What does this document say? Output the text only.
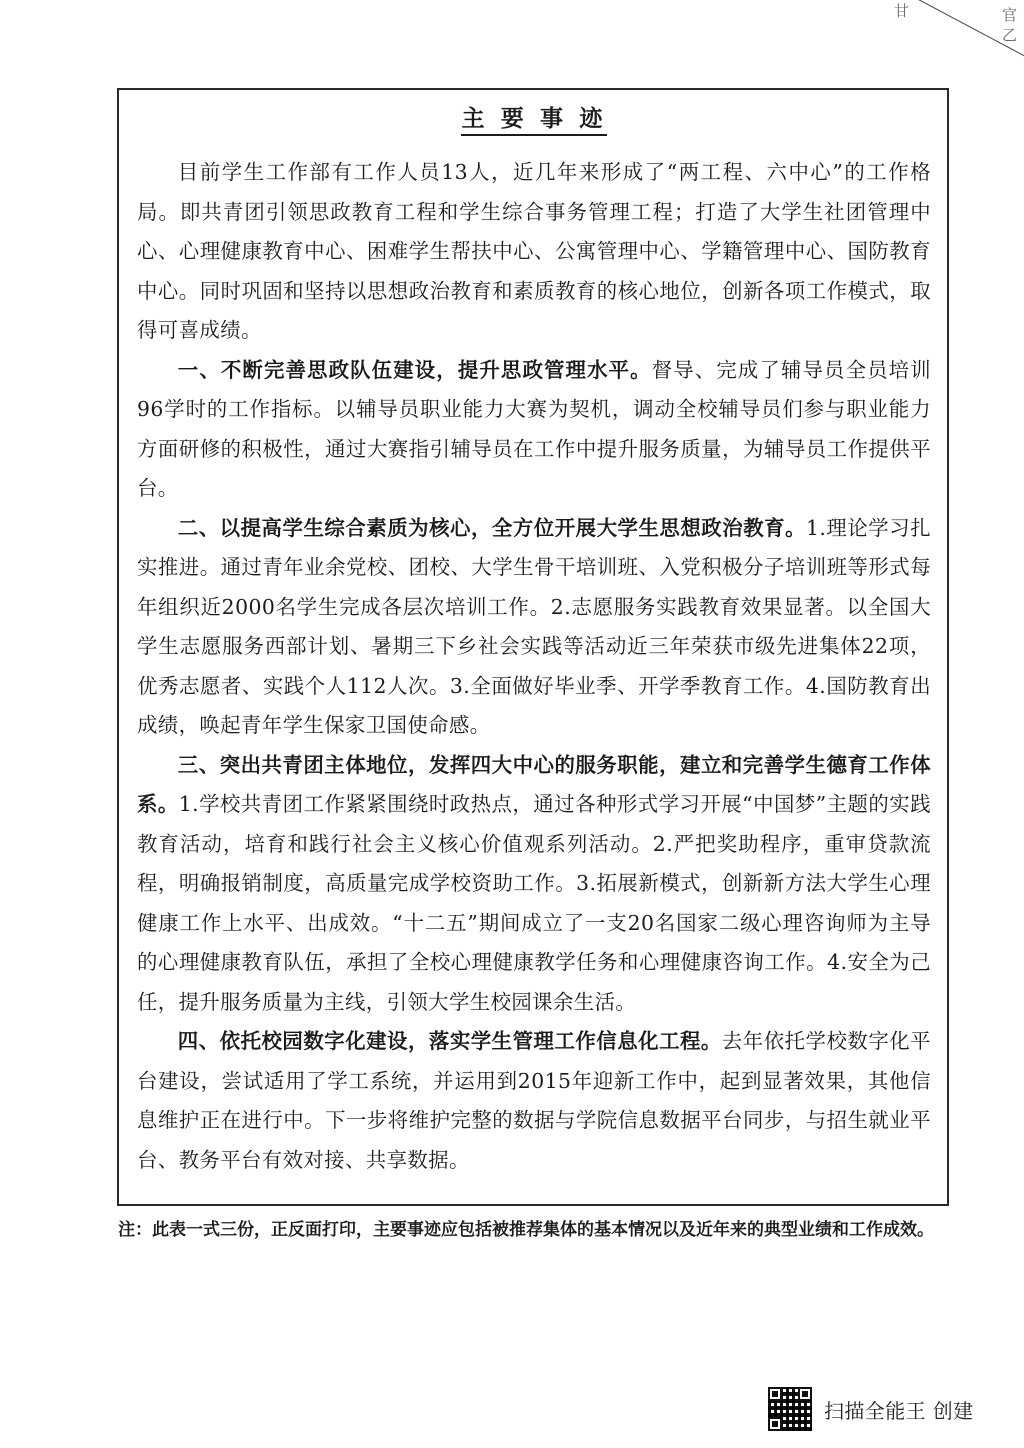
甘	官
乙
主 要 事 迹

目前学生工作部有工作人员13人，近几年来形成了“两工程、六中心”的工作格局。即共青团引领思政教育工程和学生综合事务管理工程；打造了大学生社团管理中心、心理健康教育中心、困难学生帮扶中心、公寓管理中心、学籍管理中心、国防教育中心。同时巩固和坚持以思想政治教育和素质教育的核心地位，创新各项工作模式，取得可喜成绩。

一、不断完善思政队伍建设，提升思政管理水平。督导、完成了辅导员全员培训96学时的工作指标。以辅导员职业能力大赛为契机，调动全校辅导员们参与职业能力方面研修的积极性，通过大赛指引辅导员在工作中提升服务质量，为辅导员工作提供平台。

二、以提高学生综合素质为核心，全方位开展大学生思想政治教育。1.理论学习扎实推进。通过青年业余党校、团校、大学生骨干培训班、入党积极分子培训班等形式每年组织近2000名学生完成各层次培训工作。2.志愿服务实践教育效果显著。以全国大学生志愿服务西部计划、暑期三下乡社会实践等活动近三年荣获市级先进集体22项，优秀志愿者、实践个人112人次。3.全面做好毕业季、开学季教育工作。4.国防教育出成绩，唤起青年学生保家卫国使命感。

三、突出共青团主体地位，发挥四大中心的服务职能，建立和完善学生德育工作体系。1.学校共青团工作紧紧围绕时政热点，通过各种形式学习开展“中国梦”主题的实践教育活动，培育和践行社会主义核心价值观系列活动。2.严把奖助程序，重审贷款流程，明确报销制度，高质量完成学校资助工作。3.拓展新模式，创新新方法大学生心理健康工作上水平、出成效。“十二五”期间成立了一支20名国家二级心理咨询师为主导的心理健康教育队伍，承担了全校心理健康教学任务和心理健康咨询工作。4.安全为己任，提升服务质量为主线，引领大学生校园课余生活。

四、依托校园数字化建设，落实学生管理工作信息化工程。去年依托学校数字化平台建设，尝试适用了学工系统，并运用到2015年迎新工作中，起到显著效果，其他信息维护正在进行中。下一步将维护完整的数据与学院信息数据平台同步，与招生就业平台、教务平台有效对接、共享数据。

注：此表一式三份，正反面打印，主要事迹应包括被推荐集体的基本情况以及近年来的典型业绩和工作成效。

扫描全能王 创建
